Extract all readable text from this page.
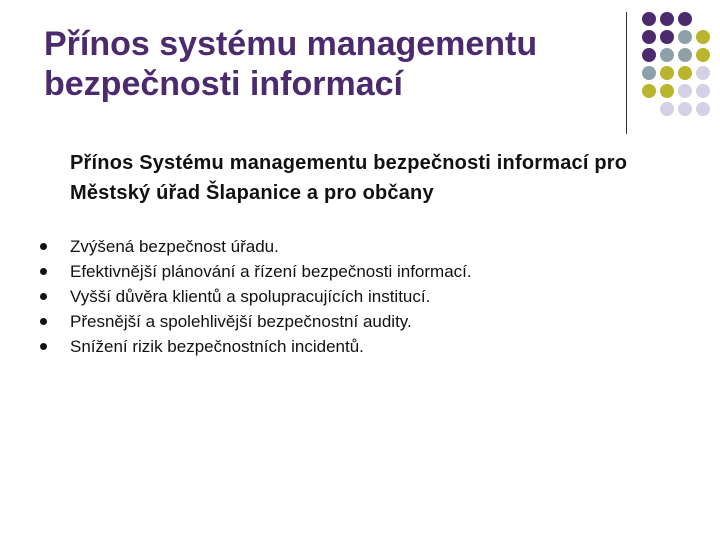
Přínos systému managementu bezpečnosti informací
Přínos Systému managementu bezpečnosti informací pro Městský úřad Šlapanice a pro občany
Zvýšená bezpečnost úřadu.
Efektivnější plánování a řízení bezpečnosti informací.
Vyšší důvěra klientů a spolupracujících institucí.
Přesnější a spolehlivější bezpečnostní audity.
Snížení rizik bezpečnostních incidentů.
